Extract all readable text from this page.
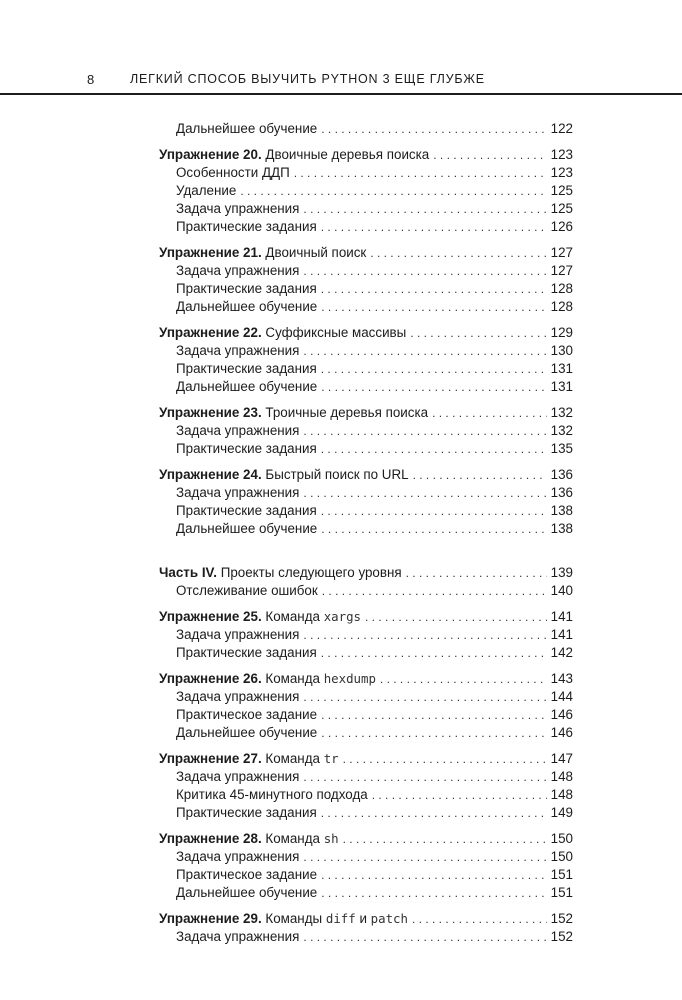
8	ЛЕГКИЙ СПОСОБ ВЫУЧИТЬ PYTHON 3 ЕЩЕ ГЛУБЖЕ
Дальнейшее обучение . . .	122
Упражнение 20. Двоичные деревья поиска . . .	123
Особенности ДДП . . .	123
Удаление . . .	125
Задача упражнения . . .	125
Практические задания . . .	126
Упражнение 21. Двоичный поиск . . .	127
Задача упражнения . . .	127
Практические задания . . .	128
Дальнейшее обучение . . .	128
Упражнение 22. Суффиксные массивы . . .	129
Задача упражнения . . .	130
Практические задания . . .	131
Дальнейшее обучение . . .	131
Упражнение 23. Троичные деревья поиска . . .	132
Задача упражнения . . .	132
Практические задания . . .	135
Упражнение 24. Быстрый поиск по URL . . .	136
Задача упражнения . . .	136
Практические задания . . .	138
Дальнейшее обучение . . .	138
Часть IV. Проекты следующего уровня . . .	139
Отслеживание ошибок . . .	140
Упражнение 25. Команда xargs . . .	141
Задача упражнения . . .	141
Практические задания . . .	142
Упражнение 26. Команда hexdump . . .	143
Задача упражнения . . .	144
Практическое задание . . .	146
Дальнейшее обучение . . .	146
Упражнение 27. Команда tr . . .	147
Задача упражнения . . .	148
Критика 45-минутного подхода . . .	148
Практические задания . . .	149
Упражнение 28. Команда sh . . .	150
Задача упражнения . . .	150
Практическое задание . . .	151
Дальнейшее обучение . . .	151
Упражнение 29. Команды diff и patch . . .	152
Задача упражнения . . .	152
